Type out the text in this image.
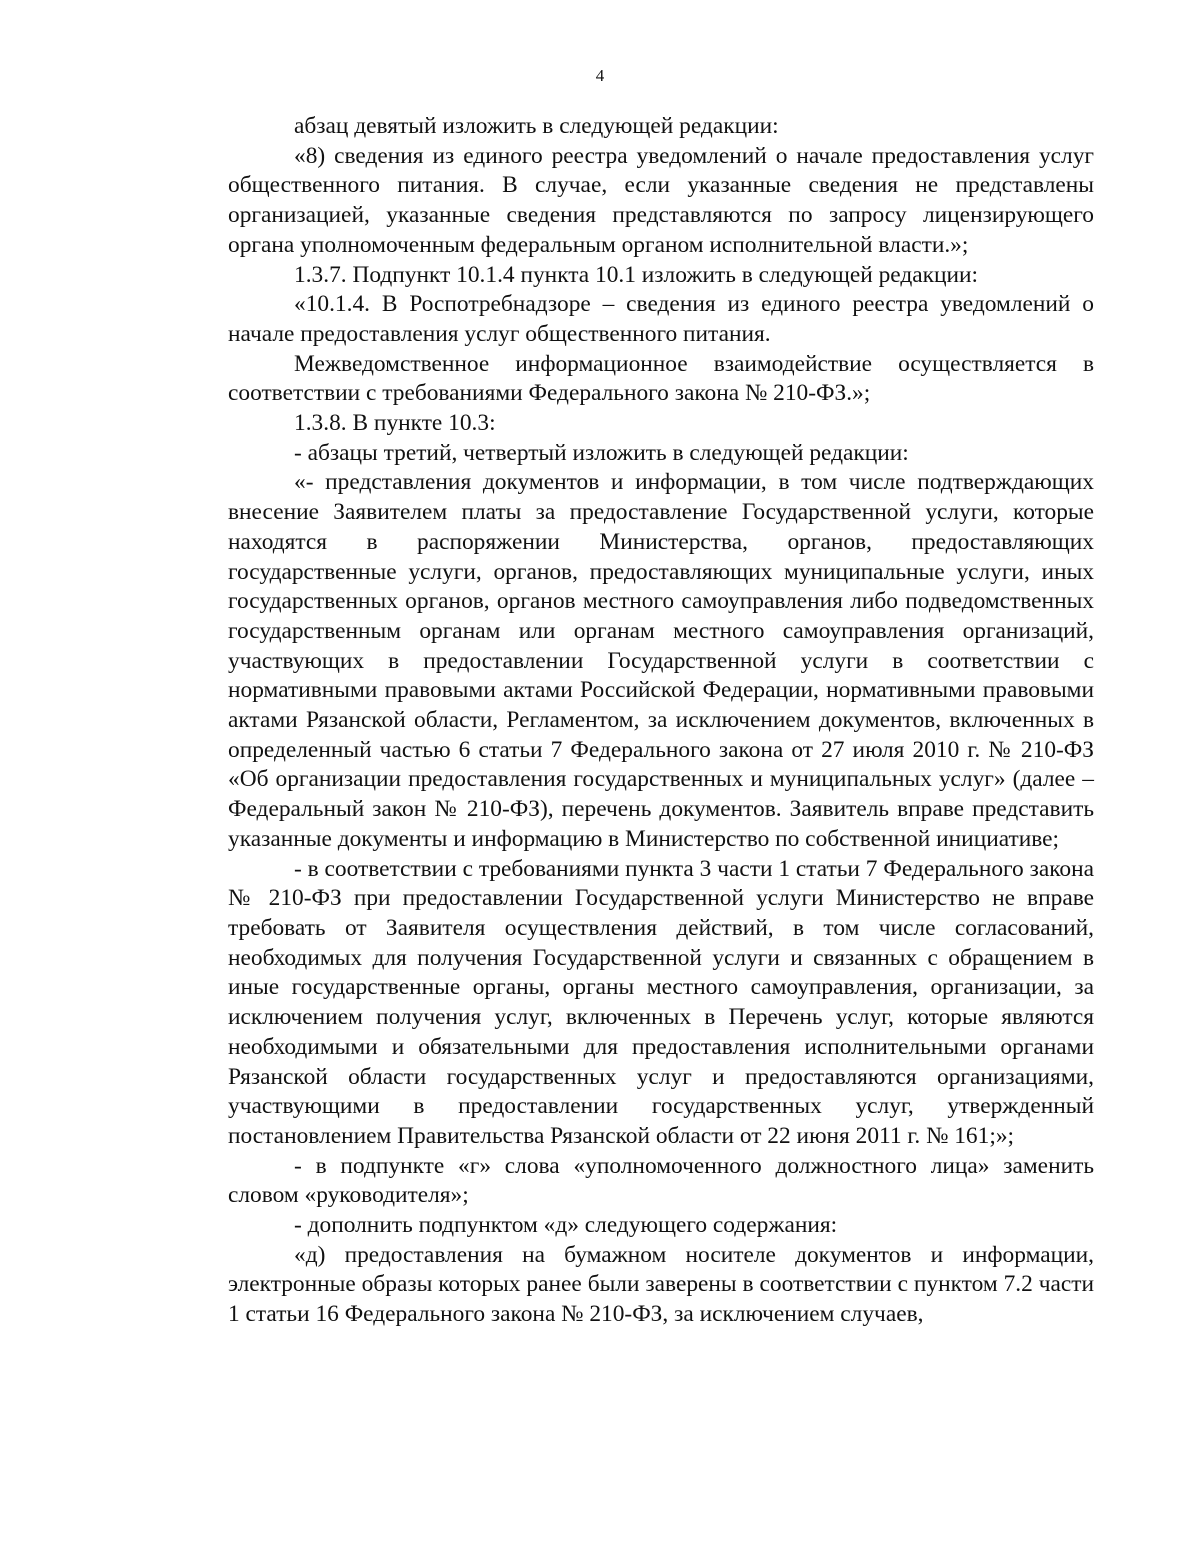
4

абзац девятый изложить в следующей редакции:

«8) сведения из единого реестра уведомлений о начале предоставления услуг общественного питания. В случае, если указанные сведения не представлены организацией, указанные сведения представляются по запросу лицензирующего органа уполномоченным федеральным органом исполнительной власти.»;

1.3.7. Подпункт 10.1.4 пункта 10.1 изложить в следующей редакции:

«10.1.4. В Роспотребнадзоре – сведения из единого реестра уведомлений о начале предоставления услуг общественного питания.

Межведомственное информационное взаимодействие осуществляется в соответствии с требованиями Федерального закона № 210-ФЗ.»;

1.3.8. В пункте 10.3:

- абзацы третий, четвертый изложить в следующей редакции:

«- представления документов и информации, в том числе подтверждающих внесение Заявителем платы за предоставление Государственной услуги, которые находятся в распоряжении Министерства, органов, предоставляющих государственные услуги, органов, предоставляющих муниципальные услуги, иных государственных органов, органов местного самоуправления либо подведомственных государственным органам или органам местного самоуправления организаций, участвующих в предоставлении Государственной услуги в соответствии с нормативными правовыми актами Российской Федерации, нормативными правовыми актами Рязанской области, Регламентом, за исключением документов, включенных в определенный частью 6 статьи 7 Федерального закона от 27 июля 2010 г. № 210-ФЗ «Об организации предоставления государственных и муниципальных услуг» (далее – Федеральный закон № 210-ФЗ), перечень документов. Заявитель вправе представить указанные документы и информацию в Министерство по собственной инициативе;

- в соответствии с требованиями пункта 3 части 1 статьи 7 Федерального закона № 210-ФЗ при предоставлении Государственной услуги Министерство не вправе требовать от Заявителя осуществления действий, в том числе согласований, необходимых для получения Государственной услуги и связанных с обращением в иные государственные органы, органы местного самоуправления, организации, за исключением получения услуг, включенных в Перечень услуг, которые являются необходимыми и обязательными для предоставления исполнительными органами Рязанской области государственных услуг и предоставляются организациями, участвующими в предоставлении государственных услуг, утвержденный постановлением Правительства Рязанской области от 22 июня 2011 г. № 161;»;

- в подпункте «г» слова «уполномоченного должностного лица» заменить словом «руководителя»;

- дополнить подпунктом «д» следующего содержания:

«д) предоставления на бумажном носителе документов и информации, электронные образы которых ранее были заверены в соответствии с пунктом 7.2 части 1 статьи 16 Федерального закона № 210-ФЗ, за исключением случаев,
